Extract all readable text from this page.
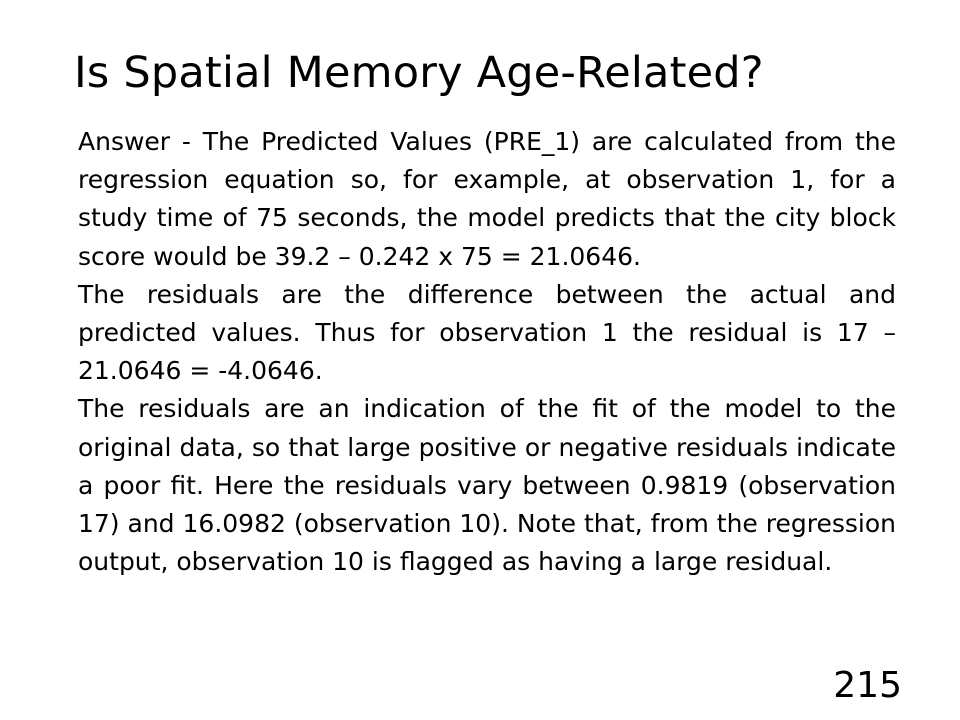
Is Spatial Memory Age-Related?

Answer - The Predicted Values (PRE_1) are calculated from the regression equation so, for example, at observation 1, for a study time of 75 seconds, the model predicts that the city block score would be 39.2 – 0.242 x 75 = 21.0646.

The residuals are the difference between the actual and predicted values. Thus for observation 1 the residual is 17 – 21.0646 = -4.0646.

The residuals are an indication of the fit of the model to the original data, so that large positive or negative residuals indicate a poor fit. Here the residuals vary between 0.9819 (observation 17) and 16.0982 (observation 10). Note that, from the regression output, observation 10 is flagged as having a large residual.

215
